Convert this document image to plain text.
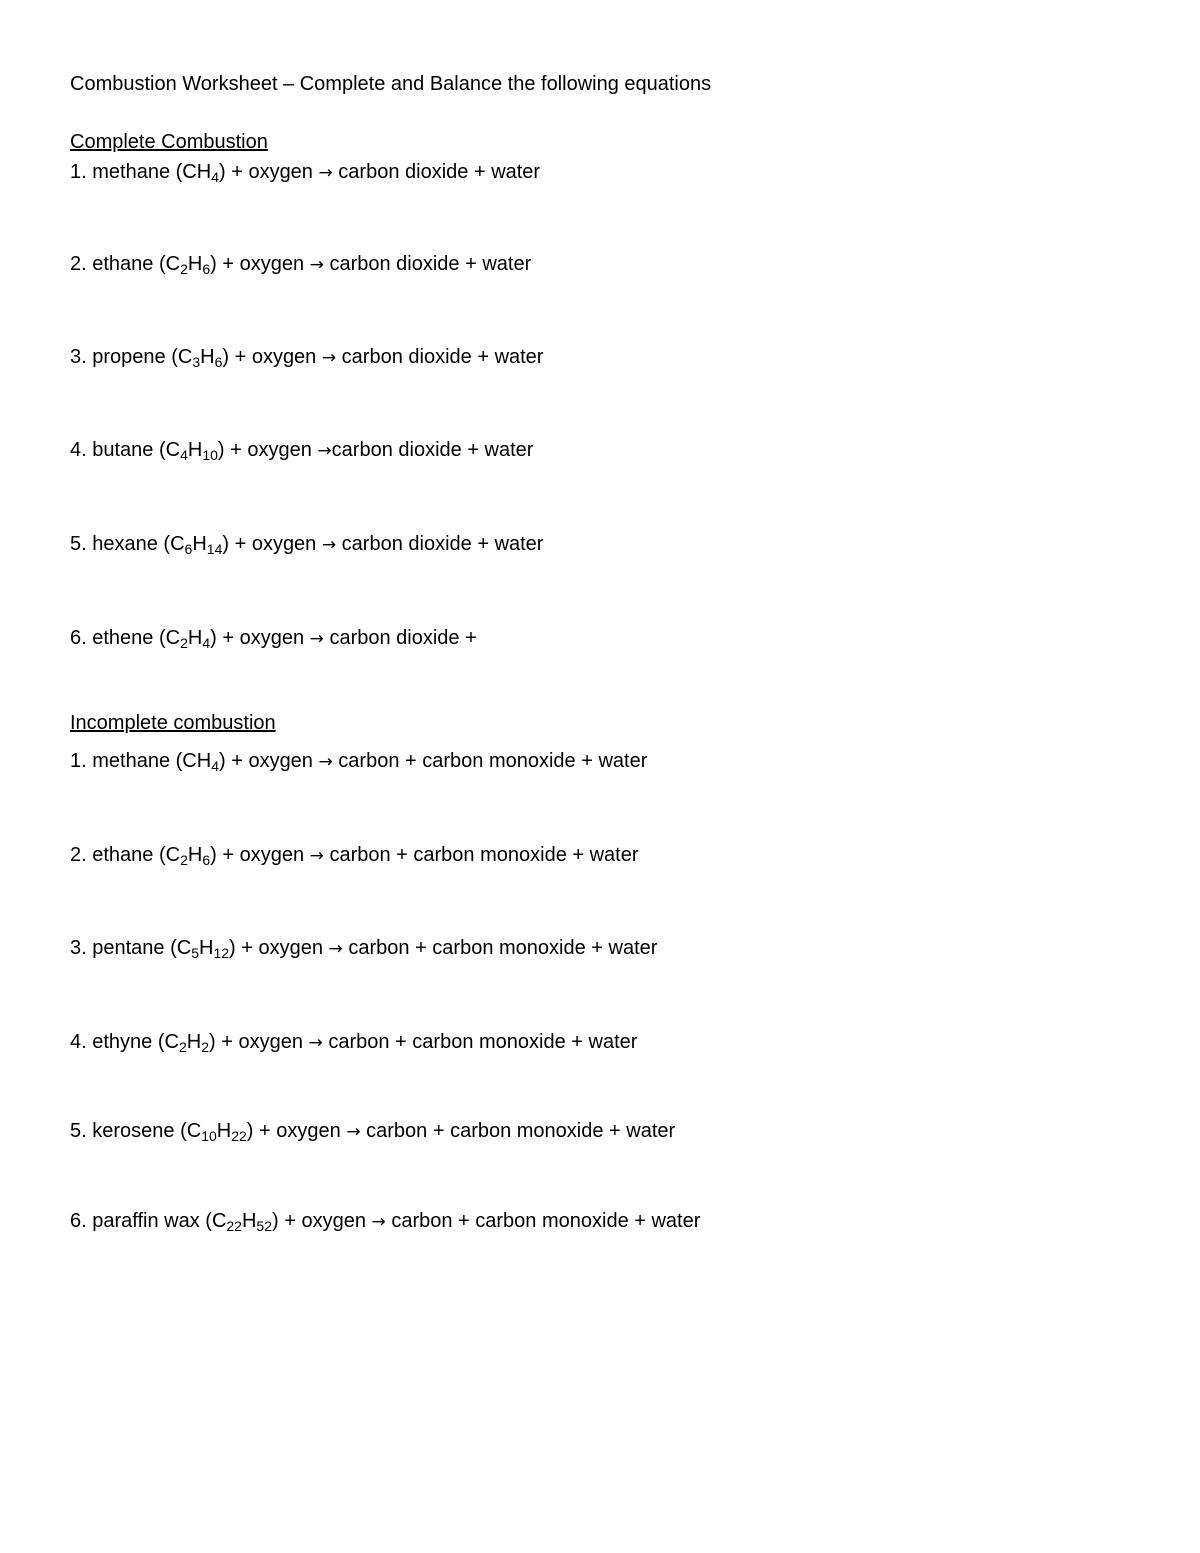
Combustion Worksheet – Complete and Balance the following equations
Complete Combustion
1. methane $(CH_4)$ + oxygen → carbon dioxide + water
2. ethane $(C_2H_6)$ + oxygen → carbon dioxide + water
3. propene $(C_3H_6)$ + oxygen → carbon dioxide + water
4. butane $(C_4H_{10})$ + oxygen →carbon dioxide + water
5. hexane $(C_6H_{14})$ + oxygen → carbon dioxide + water
6. ethene $(C_2H_4)$ + oxygen → carbon dioxide +
Incomplete combustion
1. methane $(CH_4)$ + oxygen → carbon + carbon monoxide + water
2. ethane $(C_2H_6)$ + oxygen → carbon + carbon monoxide + water
3. pentane $(C_5H_{12})$ + oxygen → carbon + carbon monoxide + water
4. ethyne $(C_2H_2)$ + oxygen → carbon + carbon monoxide + water
5. kerosene $(C_{10}H_{22})$ + oxygen → carbon + carbon monoxide + water
6. paraffin wax $(C_{22}H_{52})$ + oxygen → carbon + carbon monoxide + water
